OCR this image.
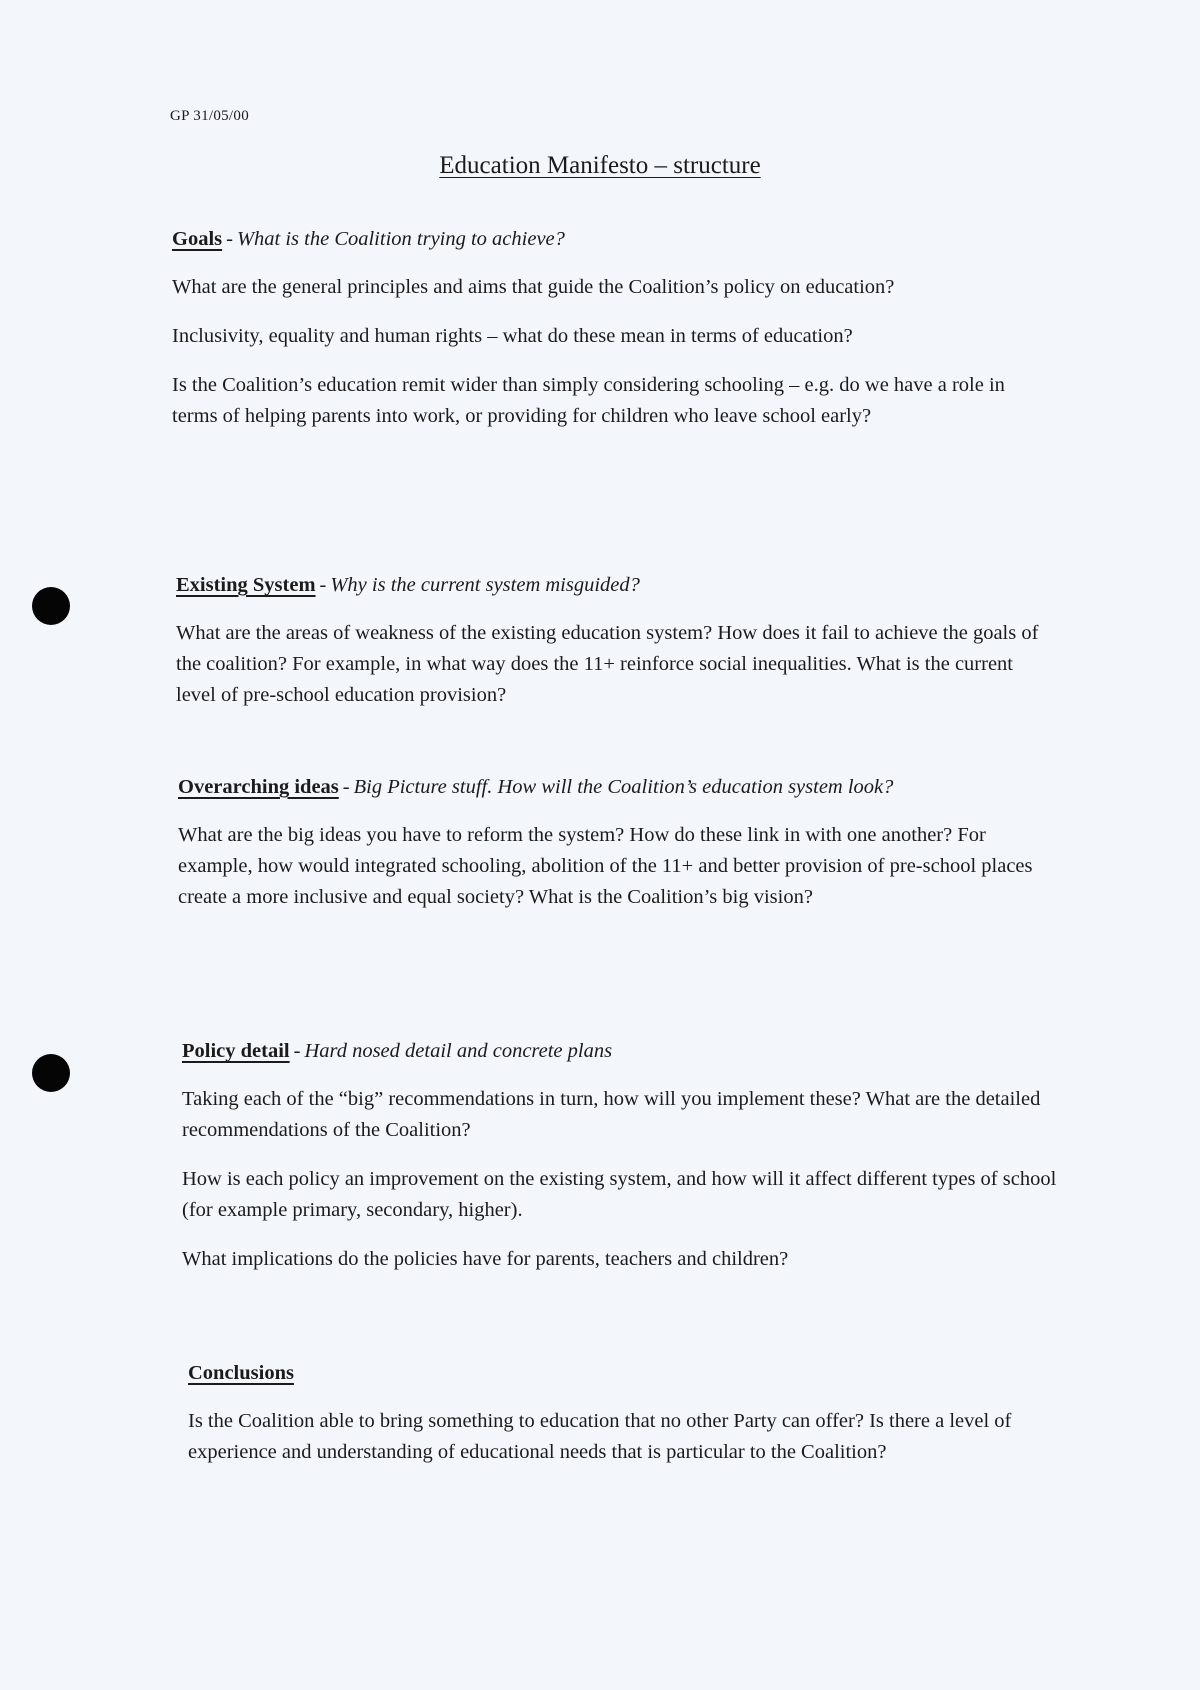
GP 31/05/00
Education Manifesto – structure
Goals - What is the Coalition trying to achieve?

What are the general principles and aims that guide the Coalition’s policy on education?

Inclusivity, equality and human rights – what do these mean in terms of education?

Is the Coalition’s education remit wider than simply considering schooling – e.g. do we have a role in terms of helping parents into work, or providing for children who leave school early?

Existing System - Why is the current system misguided?

What are the areas of weakness of the existing education system? How does it fail to achieve the goals of the coalition? For example, in what way does the 11+ reinforce social inequalities. What is the current level of pre-school education provision?

Overarching ideas - Big Picture stuff. How will the Coalition’s education system look?

What are the big ideas you have to reform the system? How do these link in with one another? For example, how would integrated schooling, abolition of the 11+ and better provision of pre-school places create a more inclusive and equal society? What is the Coalition’s big vision?

Policy detail - Hard nosed detail and concrete plans

Taking each of the “big” recommendations in turn, how will you implement these? What are the detailed recommendations of the Coalition?

How is each policy an improvement on the existing system, and how will it affect different types of school (for example primary, secondary, higher).

What implications do the policies have for parents, teachers and children?

Conclusions

Is the Coalition able to bring something to education that no other Party can offer? Is there a level of experience and understanding of educational needs that is particular to the Coalition?
